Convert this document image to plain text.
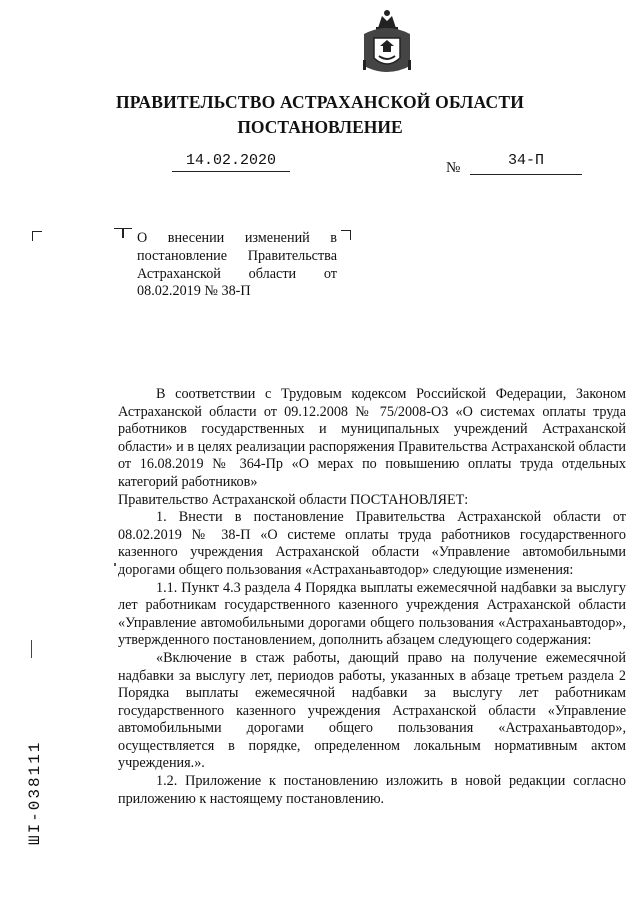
ПРАВИТЕЛЬСТВО АСТРАХАНСКОЙ ОБЛАСТИ
ПОСТАНОВЛЕНИЕ
14.02.2020	№	34-П
О внесении изменений в постановление Правительства Астраханской области от 08.02.2019 № 38-П

В соответствии с Трудовым кодексом Российской Федерации, Законом Астраханской области от 09.12.2008 № 75/2008-ОЗ «О системах оплаты труда работников государственных и муниципальных учреждений Астраханской области» и в целях реализации распоряжения Правительства Астраханской области от 16.08.2019 № 364-Пр «О мерах по повышению оплаты труда отдельных категорий работников»

Правительство Астраханской области ПОСТАНОВЛЯЕТ:

1. Внести в постановление Правительства Астраханской области от 08.02.2019 № 38-П «О системе оплаты труда работников государственного казенного учреждения Астраханской области «Управление автомобильными дорогами общего пользования «Астраханьавтодор» следующие изменения:

1.1. Пункт 4.3 раздела 4 Порядка выплаты ежемесячной надбавки за выслугу лет работникам государственного казенного учреждения Астраханской области «Управление автомобильными дорогами общего пользования «Астраханьавтодор», утвержденного постановлением, дополнить абзацем следующего содержания:

«Включение в стаж работы, дающий право на получение ежемесячной надбавки за выслугу лет, периодов работы, указанных в абзаце третьем раздела 2 Порядка выплаты ежемесячной надбавки за выслугу лет работникам государственного казенного учреждения Астраханской области «Управление автомобильными дорогами общего пользования «Астраханьавтодор», осуществляется в порядке, определенном локальным нормативным актом учреждения.».

1.2. Приложение к постановлению изложить в новой редакции согласно приложению к настоящему постановлению.

ШI-038111
